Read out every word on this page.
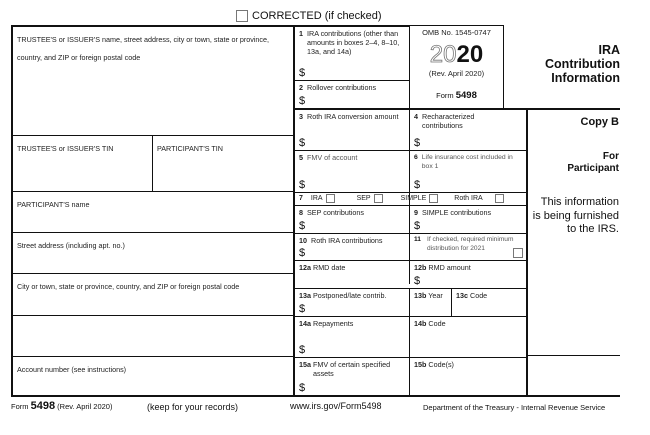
CORRECTED (if checked)
TRUSTEE'S or ISSUER'S name, street address, city or town, state or province, country, and ZIP or foreign postal code
TRUSTEE'S or ISSUER'S TIN	PARTICIPANT'S TIN
PARTICIPANT'S name
Street address (including apt. no.)
City or town, state or province, country, and ZIP or foreign postal code
Account number (see instructions)
1 IRA contributions (other than amounts in boxes 2–4, 8–10, 13a, and 14a)
$
2 Rollover contributions
$
OMB No. 1545-0747
2020
(Rev. April 2020)
Form 5498
IRA Contribution Information
3 Roth IRA conversion amount
$
4 Recharacterized contributions
$
5 FMV of account
$
6 Life insurance cost included in box 1
$
7 IRA	SEP	SIMPLE	Roth IRA
8 SEP contributions
$
9 SIMPLE contributions
$
10 Roth IRA contributions
$
11 If checked, required minimum distribution for 2021
12a RMD date	12b RMD amount
$
13a Postponed/late contrib.
$
13b Year	13c Code
14a Repayments
$
14b Code
15a FMV of certain specified assets
$
15b Code(s)
Copy B
For
Participant
This information is being furnished to the IRS.
Form 5498 (Rev. April 2020)	(keep for your records)	www.irs.gov/Form5498	Department of the Treasury - Internal Revenue Service
